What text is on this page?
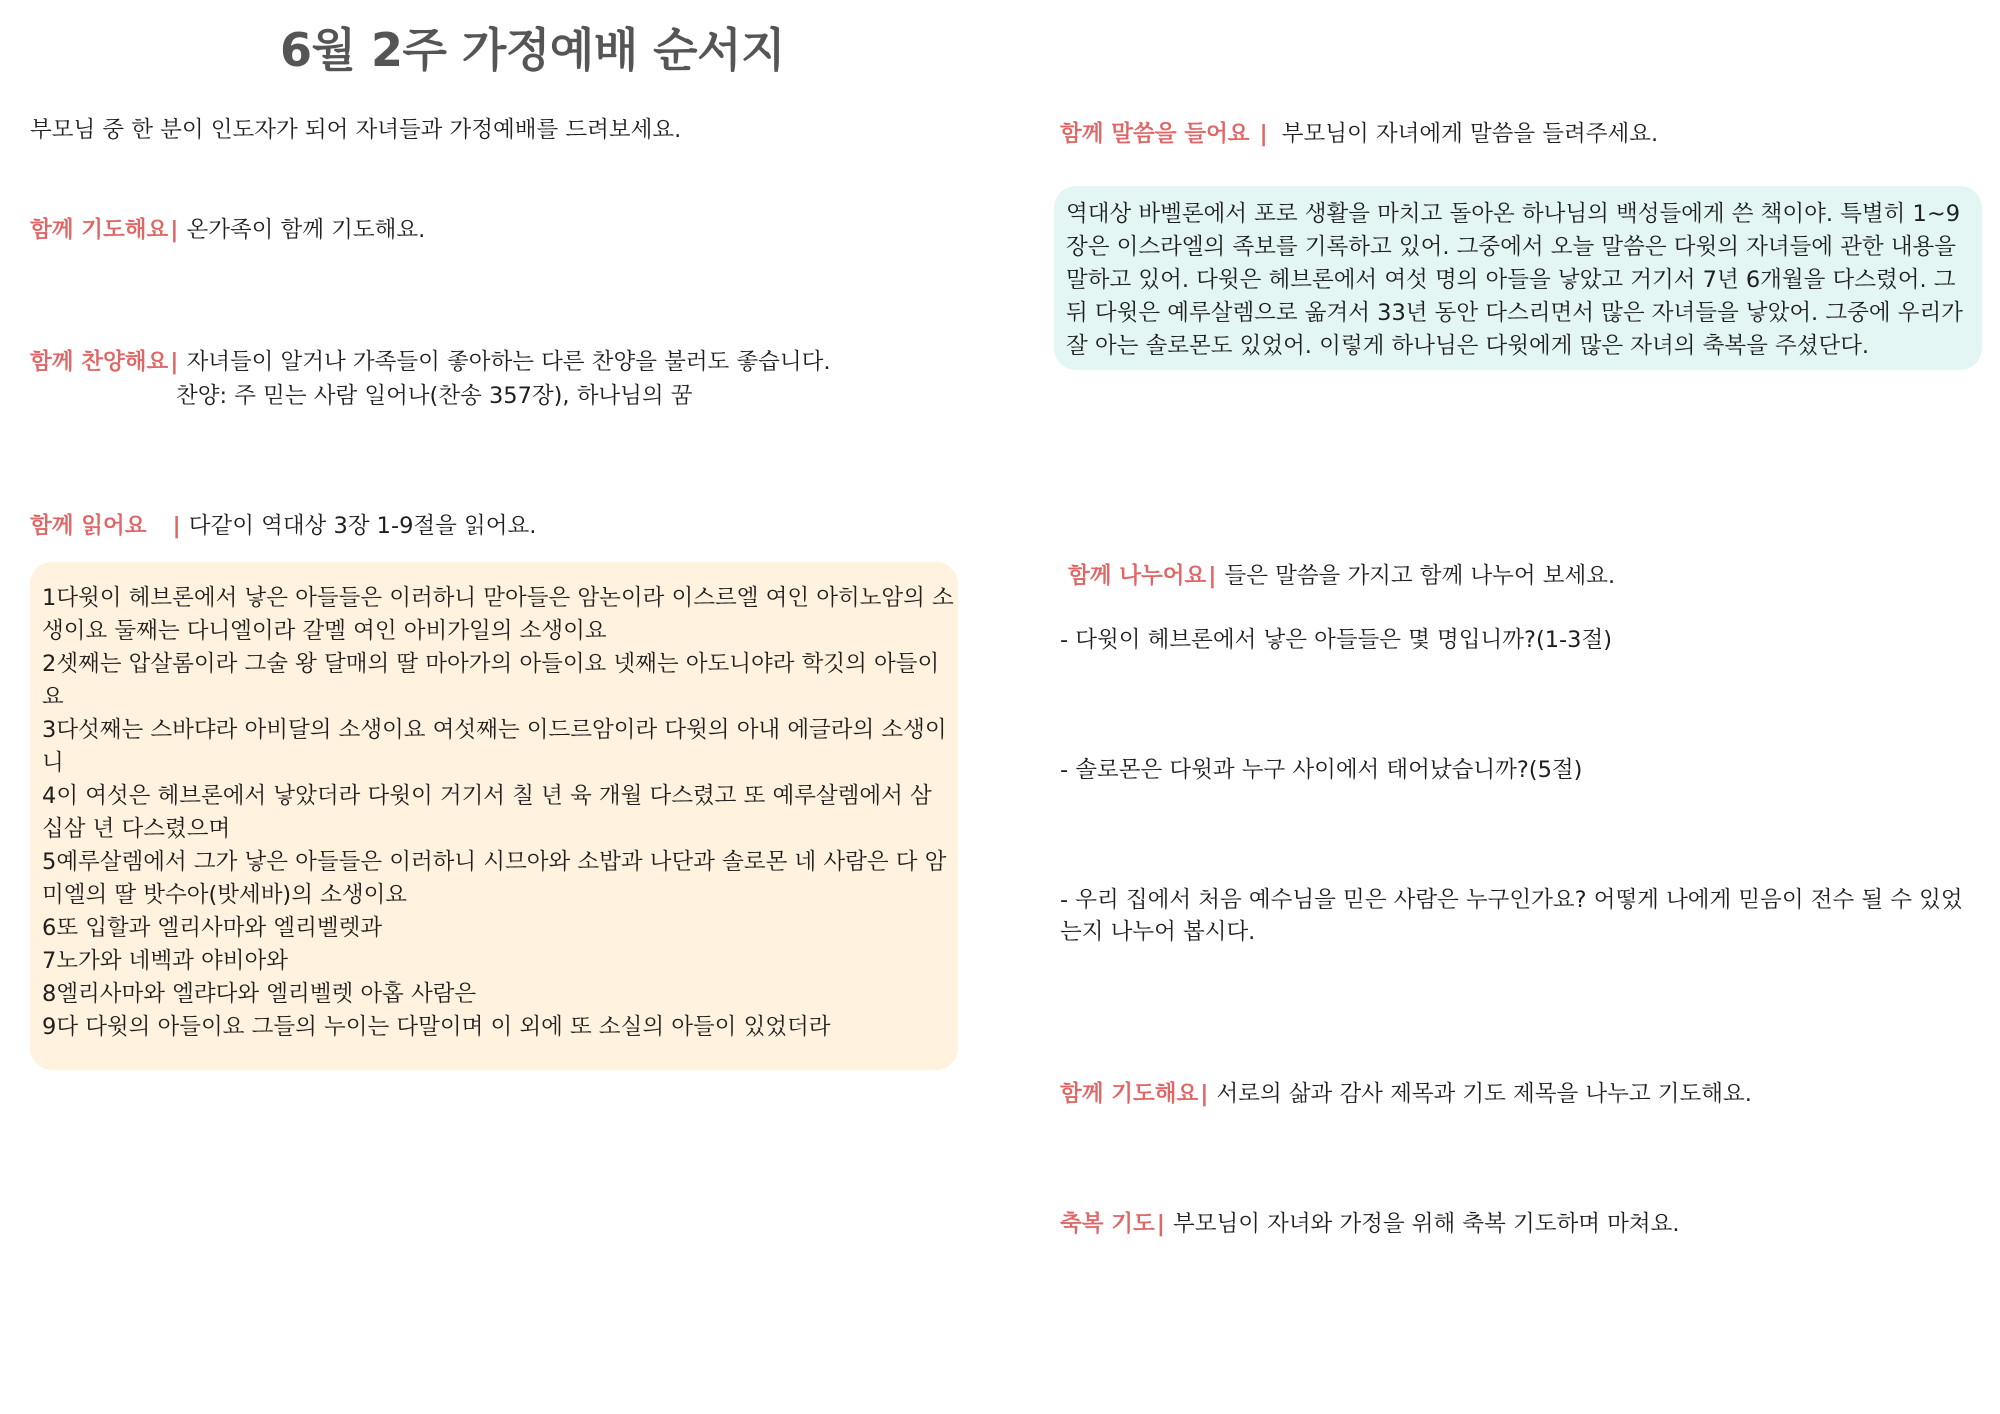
6월 2주 가정예배 순서지
부모님 중 한 분이 인도자가 되어 자녀들과 가정예배를 드려보세요.
함께 기도해요| 온가족이 함께 기도해요.
함께 찬양해요| 자녀들이 알거나 가족들이 좋아하는 다른 찬양을 불러도 좋습니다.
찬양: 주 믿는 사람 일어나(찬송 357장), 하나님의 꿈
함께 읽어요 | 다같이 역대상 3장 1-9절을 읽어요.
1다윗이 헤브론에서 낳은 아들들은 이러하니 맏아들은 암논이라 이스르엘 여인 아히노암의 소
생이요 둘째는 다니엘이라 갈멜 여인 아비가일의 소생이요
2셋째는 압살롬이라 그술 왕 달매의 딸 마아가의 아들이요 넷째는 아도니야라 학깃의 아들이
요
3다섯째는 스바댜라 아비달의 소생이요 여섯째는 이드르암이라 다윗의 아내 에글라의 소생이
니
4이 여섯은 헤브론에서 낳았더라 다윗이 거기서 칠 년 육 개월 다스렸고 또 예루살렘에서 삼
십삼 년 다스렸으며
5예루살렘에서 그가 낳은 아들들은 이러하니 시므아와 소밥과 나단과 솔로몬 네 사람은 다 암
미엘의 딸 밧수아(밧세바)의 소생이요
6또 입할과 엘리사마와 엘리벨렛과
7노가와 네벡과 야비아와
8엘리사마와 엘랴다와 엘리벨렛 아홉 사람은
9다 다윗의 아들이요 그들의 누이는 다말이며 이 외에 또 소실의 아들이 있었더라
함께 말씀을 들어요 | 부모님이 자녀에게 말씀을 들려주세요.
역대상 바벨론에서 포로 생활을 마치고 돌아온 하나님의 백성들에게 쓴 책이야. 특별히 1~9
장은 이스라엘의 족보를 기록하고 있어. 그중에서 오늘 말씀은 다윗의 자녀들에 관한 내용을
말하고 있어. 다윗은 헤브론에서 여섯 명의 아들을 낳았고 거기서 7년 6개월을 다스렸어. 그
뒤 다윗은 예루살렘으로 옮겨서 33년 동안 다스리면서 많은 자녀들을 낳았어. 그중에 우리가
잘 아는 솔로몬도 있었어. 이렇게 하나님은 다윗에게 많은 자녀의 축복을 주셨단다.
함께 나누어요| 들은 말씀을 가지고 함께 나누어 보세요.
- 다윗이 헤브론에서 낳은 아들들은 몇 명입니까?(1-3절)
- 솔로몬은 다윗과 누구 사이에서 태어났습니까?(5절)
- 우리 집에서 처음 예수님을 믿은 사람은 누구인가요? 어떻게 나에게 믿음이 전수 될 수 있었
는지 나누어 봅시다.
함께 기도해요| 서로의 삶과 감사 제목과 기도 제목을 나누고 기도해요.
축복 기도| 부모님이 자녀와 가정을 위해 축복 기도하며 마쳐요.
